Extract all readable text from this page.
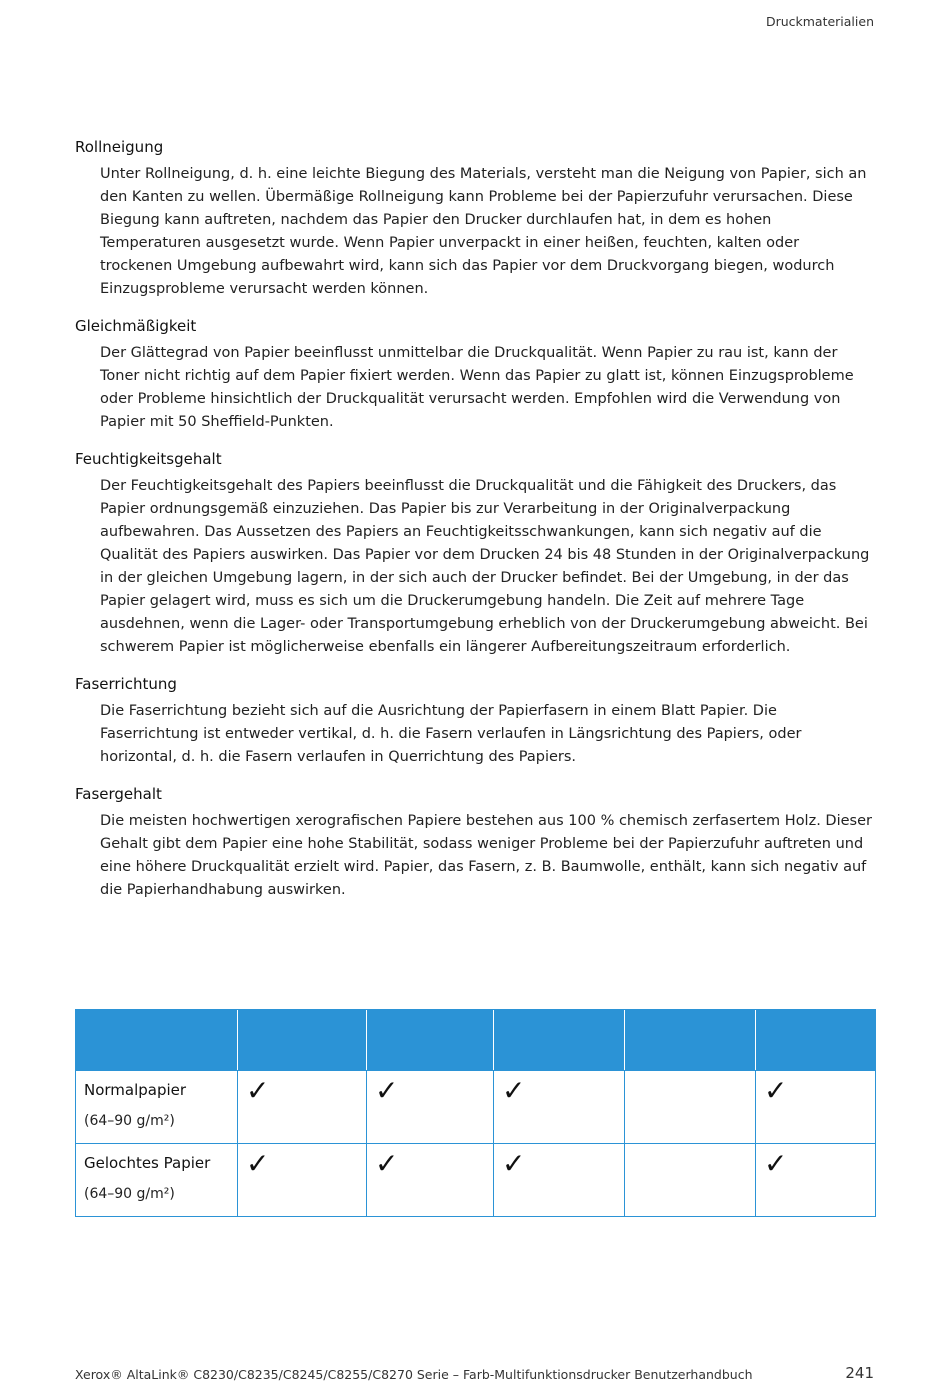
Druckmaterialien
Rollneigung

Unter Rollneigung, d. h. eine leichte Biegung des Materials, versteht man die Neigung von Papier, sich an den Kanten zu wellen. Übermäßige Rollneigung kann Probleme bei der Papierzufuhr verursachen. Diese Biegung kann auftreten, nachdem das Papier den Drucker durchlaufen hat, in dem es hohen Temperaturen ausgesetzt wurde. Wenn Papier unverpackt in einer heißen, feuchten, kalten oder trockenen Umgebung aufbewahrt wird, kann sich das Papier vor dem Druckvorgang biegen, wodurch Einzugsprobleme verursacht werden können.

Gleichmäßigkeit

Der Glättegrad von Papier beeinflusst unmittelbar die Druckqualität. Wenn Papier zu rau ist, kann der Toner nicht richtig auf dem Papier fixiert werden. Wenn das Papier zu glatt ist, können Einzugsprobleme oder Probleme hinsichtlich der Druckqualität verursacht werden. Empfohlen wird die Verwendung von Papier mit 50 Sheffield-Punkten.

Feuchtigkeitsgehalt

Der Feuchtigkeitsgehalt des Papiers beeinflusst die Druckqualität und die Fähigkeit des Druckers, das Papier ordnungsgemäß einzuziehen. Das Papier bis zur Verarbeitung in der Originalverpackung aufbewahren. Das Aussetzen des Papiers an Feuchtigkeitsschwankungen, kann sich negativ auf die Qualität des Papiers auswirken. Das Papier vor dem Drucken 24 bis 48 Stunden in der Originalverpackung in der gleichen Umgebung lagern, in der sich auch der Drucker befindet. Bei der Umgebung, in der das Papier gelagert wird, muss es sich um die Druckerumgebung handeln. Die Zeit auf mehrere Tage ausdehnen, wenn die Lager- oder Transportumgebung erheblich von der Druckerumgebung abweicht. Bei schwerem Papier ist möglicherweise ebenfalls ein längerer Aufbereitungszeitraum erforderlich.

Faserrichtung

Die Faserrichtung bezieht sich auf die Ausrichtung der Papierfasern in einem Blatt Papier. Die Faserrichtung ist entweder vertikal, d. h. die Fasern verlaufen in Längsrichtung des Papiers, oder horizontal, d. h. die Fasern verlaufen in Querrichtung des Papiers.

Fasergehalt

Die meisten hochwertigen xerografischen Papiere bestehen aus 100 % chemisch zerfasertem Holz. Dieser Gehalt gibt dem Papier eine hohe Stabilität, sodass weniger Probleme bei der Papierzufuhr auftreten und eine höhere Druckqualität erzielt wird. Papier, das Fasern, z. B. Baumwolle, enthält, kann sich negativ auf die Papierhandhabung auswirken.

Normalpapier
(64–90 g/m²)	✓	✓	✓		✓

Gelochtes Papier
(64–90 g/m²)	✓	✓	✓		✓
Xerox® AltaLink® C8230/C8235/C8245/C8255/C8270 Serie – Farb-Multifunktionsdrucker Benutzerhandbuch	241
